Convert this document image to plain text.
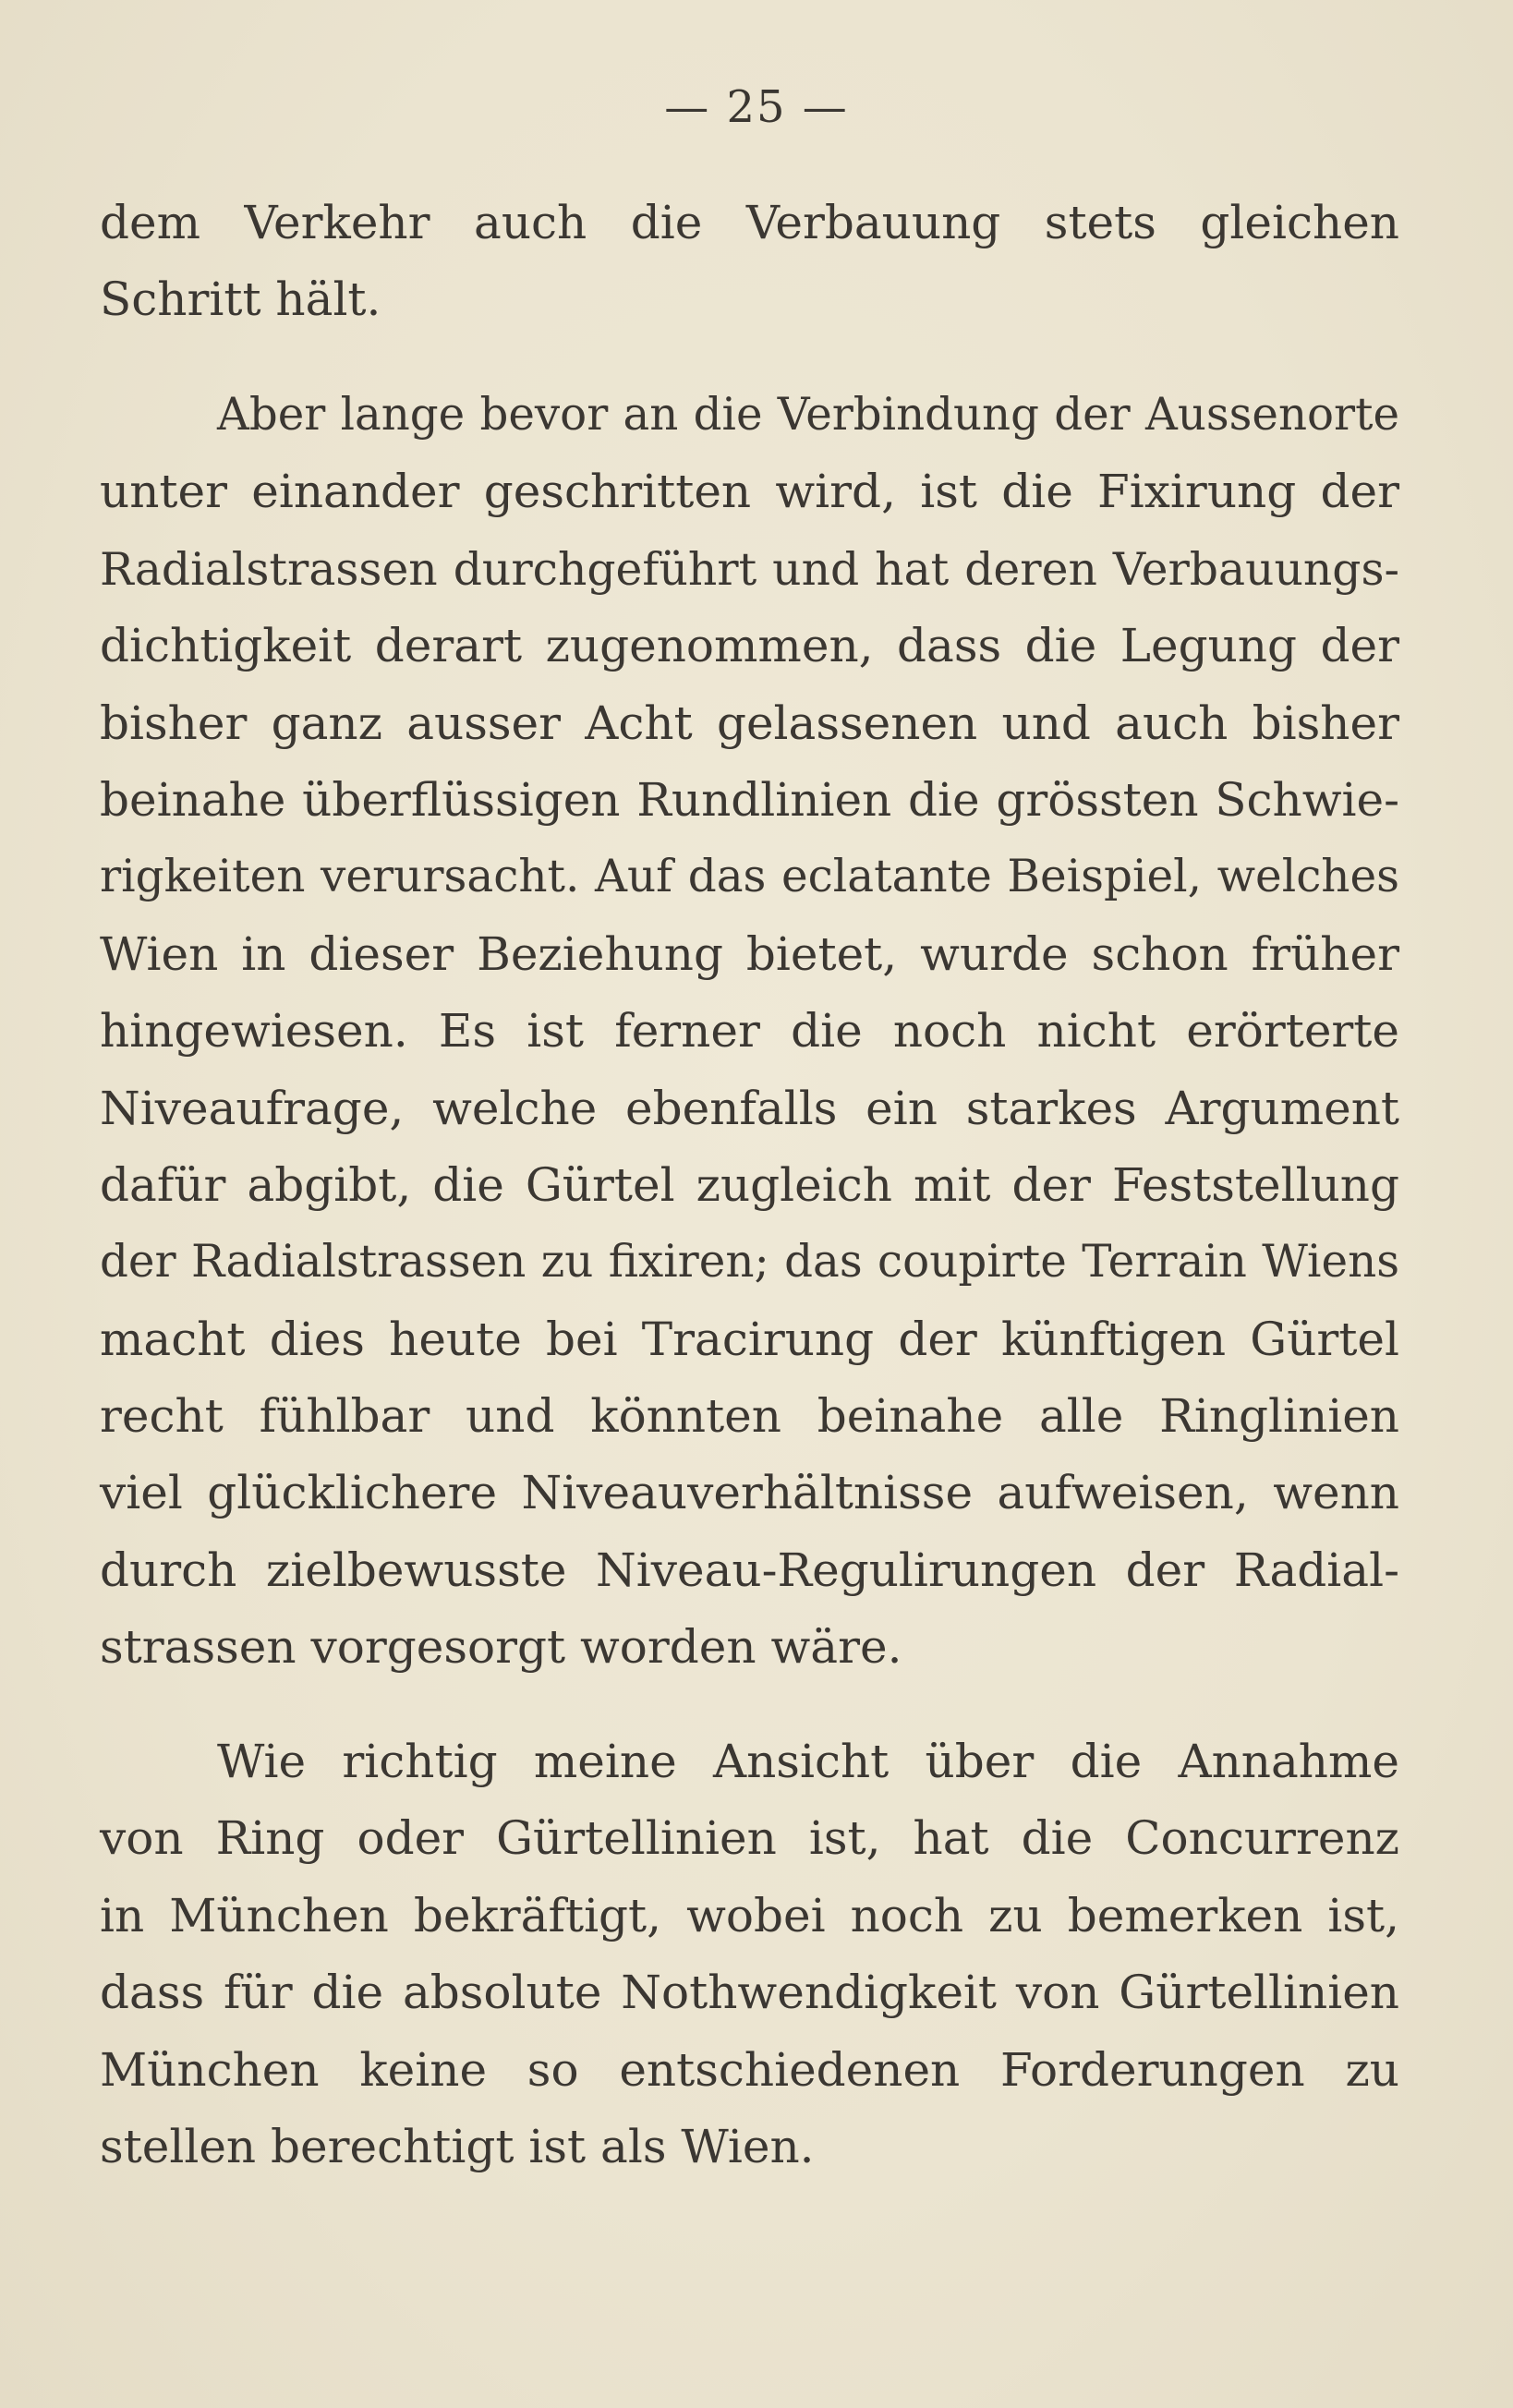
— 25 —
dem Verkehr auch die Verbauung stets gleichen
Schritt hält.
Aber lange bevor an die Verbindung der Aussenorte
unter einander geschritten wird, ist die Fixirung der
Radialstrassen durchgeführt und hat deren Verbauungs-
dichtigkeit derart zugenommen, dass die Legung der
bisher ganz ausser Acht gelassenen und auch bisher
beinahe überflüssigen Rundlinien die grössten Schwie-
rigkeiten verursacht. Auf das eclatante Beispiel, welches
Wien in dieser Beziehung bietet, wurde schon früher
hingewiesen. Es ist ferner die noch nicht erörterte
Niveaufrage, welche ebenfalls ein starkes Argument
dafür abgibt, die Gürtel zugleich mit der Feststellung
der Radialstrassen zu fixiren; das coupirte Terrain Wiens
macht dies heute bei Tracirung der künftigen Gürtel
recht fühlbar und könnten beinahe alle Ringlinien
viel glücklichere Niveauverhältnisse aufweisen, wenn
durch zielbewusste Niveau-Regulirungen der Radial-
strassen vorgesorgt worden wäre.
Wie richtig meine Ansicht über die Annahme
von Ring oder Gürtellinien ist, hat die Concurrenz
in München bekräftigt, wobei noch zu bemerken ist,
dass für die absolute Nothwendigkeit von Gürtellinien
München keine so entschiedenen Forderungen zu
stellen berechtigt ist als Wien.
